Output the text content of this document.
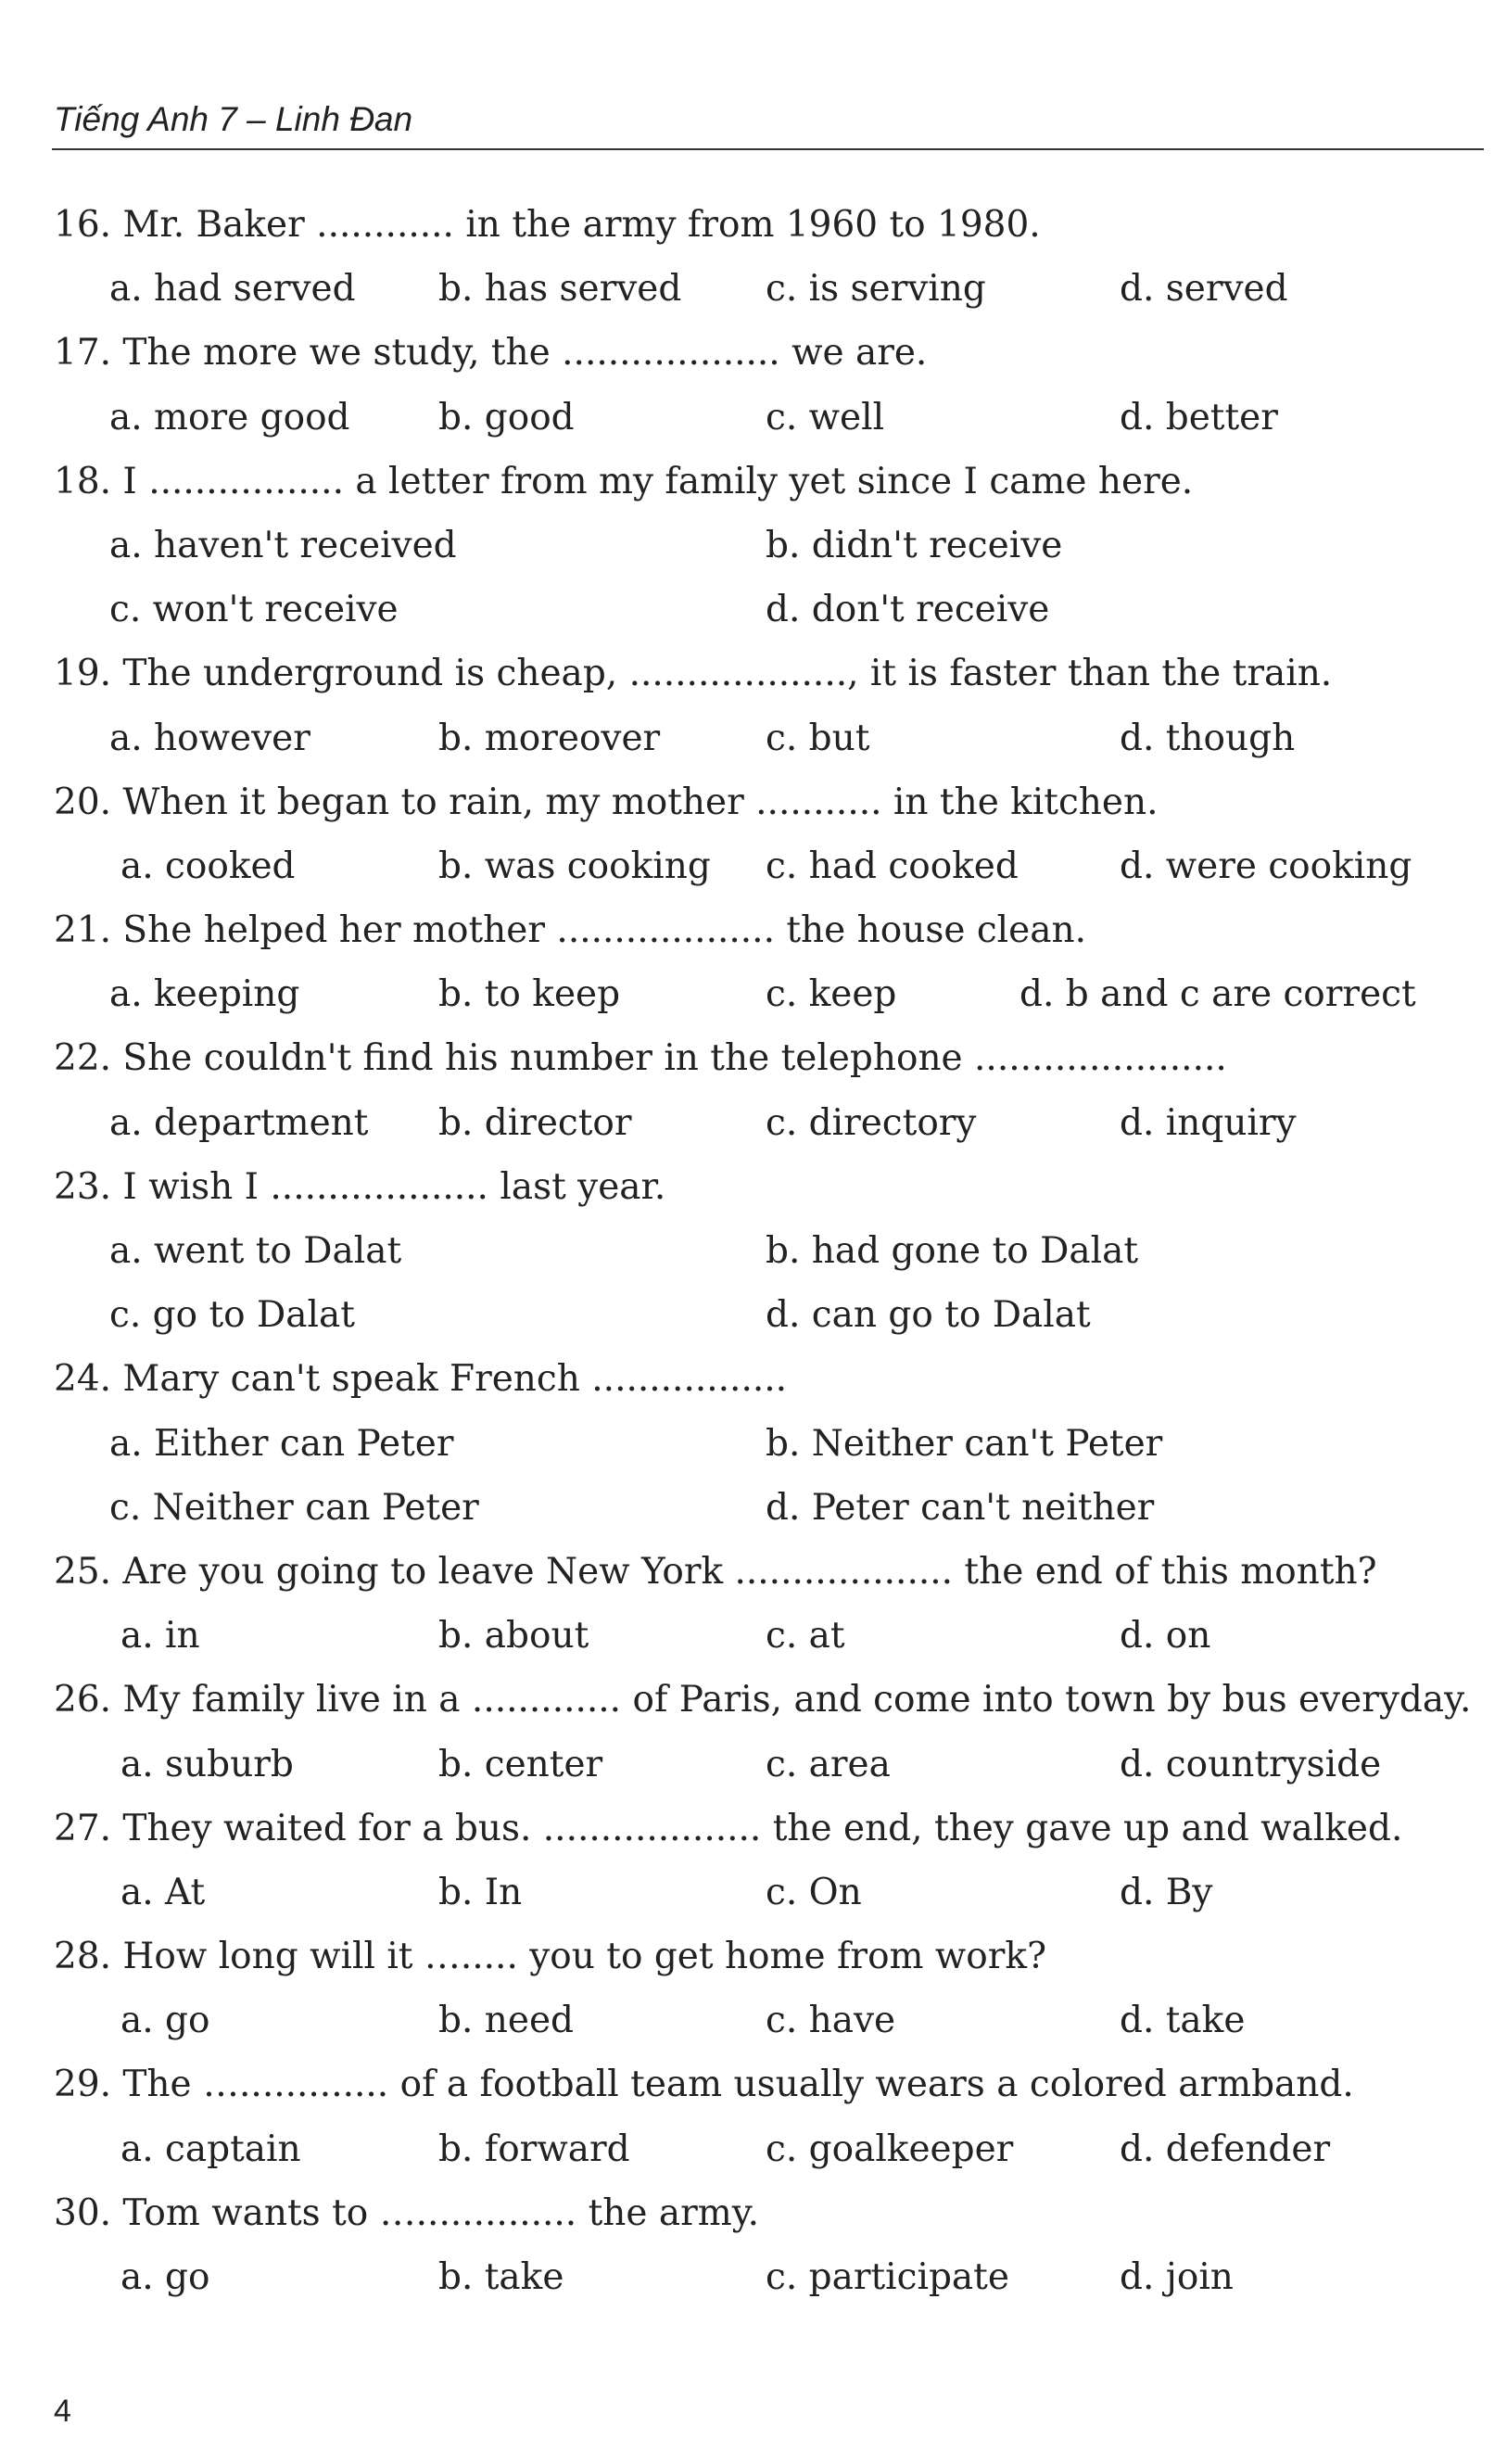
Tiếng Anh 7 – Linh Đan
16. Mr. Baker ............ in the army from 1960 to 1980.
a. had served b. has served c. is serving	d. served
17. The more we study, the ................... we are.
a. more good b. good	c. well	d. better
18. I ................. a letter from my family yet since I came here.
a. haven't received	b. didn't receive
c. won't receive	d. don't receive
19. The underground is cheap, ..................., it is faster than the train.
a. however	b. moreover	c. but	d. though
20. When it began to rain, my mother ........... in the kitchen.
a. cooked	b. was cooking c. had cooked	d. were cooking
21. She helped her mother ................... the house clean.
a. keeping	b. to keep	c. keep	d. b and c are correct
22. She couldn't find his number in the telephone ......................
a. department b. director	c. directory	d. inquiry
23. I wish I ................... last year.
a. went to Dalat	b. had gone to Dalat
c. go to Dalat	d. can go to Dalat
24. Mary can't speak French .................
a. Either can Peter	b. Neither can't Peter
c. Neither can Peter	d. Peter can't neither
25. Are you going to leave New York ................... the end of this month?
a. in	b. about	c. at	d. on
26. My family live in a ............. of Paris, and come into town by bus everyday.
a. suburb	b. center	c. area	d. countryside
27. They waited for a bus. ................... the end, they gave up and walked.
a. At	b. In	c. On	d. By
28. How long will it …..... you to get home from work?
a. go	b. need	c. have	d. take
29. The …............. of a football team usually wears a colored armband.
a. captain	b. forward	c. goalkeeper	d. defender
30. Tom wants to ….............. the army.
a. go	b. take	c. participate	d. join
4
